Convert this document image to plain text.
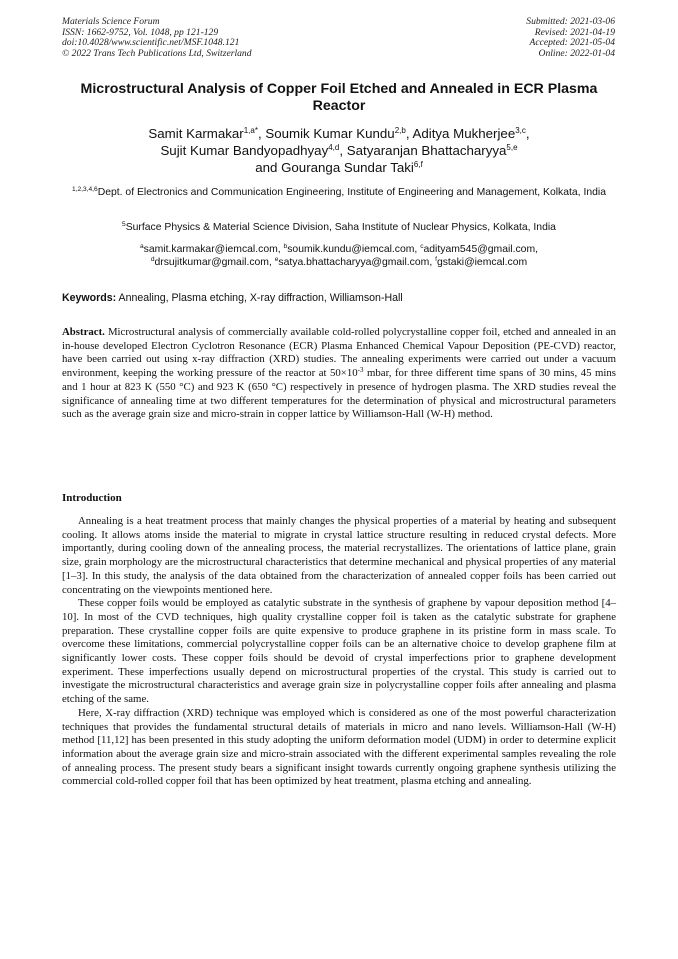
Materials Science Forum
ISSN: 1662-9752, Vol. 1048, pp 121-129
doi:10.4028/www.scientific.net/MSF.1048.121
© 2022 Trans Tech Publications Ltd, Switzerland
Submitted: 2021-03-06
Revised: 2021-04-19
Accepted: 2021-05-04
Online: 2022-01-04
Microstructural Analysis of Copper Foil Etched and Annealed in ECR Plasma Reactor
Samit Karmakar$^{1,a*}$, Soumik Kumar Kundu$^{2,b}$, Aditya Mukherjee$^{3,c}$,
Sujit Kumar Bandyopadhyay$^{4,d}$, Satyaranjan Bhattacharyya$^{5,e}$
and Gouranga Sundar Taki$^{6,f}$
$^{1,2,3,4,6}$Dept. of Electronics and Communication Engineering, Institute of Engineering and Management, Kolkata, India
$^5$Surface Physics & Material Science Division, Saha Institute of Nuclear Physics, Kolkata, India
$^a$samit.karmakar@iemcal.com, $^b$soumik.kundu@iemcal.com, $^c$adityam545@gmail.com,
$^d$drsujitkumar@gmail.com, $^e$satya.bhattacharyya@gmail.com, $^f$gstaki@iemcal.com
Keywords: Annealing, Plasma etching, X-ray diffraction, Williamson-Hall
Abstract. Microstructural analysis of commercially available cold-rolled polycrystalline copper foil, etched and annealed in an in-house developed Electron Cyclotron Resonance (ECR) Plasma Enhanced Chemical Vapour Deposition (PE-CVD) reactor, have been carried out using x-ray diffraction (XRD) studies. The annealing experiments were carried out under a vacuum environment, keeping the working pressure of the reactor at $50\times 10^{-3}$ mbar, for three different time spans of 30 mins, 45 mins and 1 hour at 823 K (550 °C) and 923 K (650 °C) respectively in presence of hydrogen plasma. The XRD studies reveal the significance of annealing time at two different temperatures for the determination of physical and microstructural parameters such as the average grain size and micro-strain in copper lattice by Williamson-Hall (W-H) method.
Introduction

Annealing is a heat treatment process that mainly changes the physical properties of a material by heating and subsequent cooling. It allows atoms inside the material to migrate in crystal lattice structure resulting in reduced crystal defects. More importantly, during cooling down of the annealing process, the material recrystallizes. The orientations of lattice plane, grain size, grain morphology are the microstructural characteristics that determine mechanical and physical properties of any material [1–3]. In this study, the analysis of the data obtained from the characterization of annealed copper foils has been carried out concentrating on the viewpoints mentioned here.

These copper foils would be employed as catalytic substrate in the synthesis of graphene by vapour deposition method [4–10]. In most of the CVD techniques, high quality crystalline copper foil is taken as the catalytic substrate for graphene preparation. These crystalline copper foils are quite expensive to produce graphene in its pristine form in mass scale. To overcome these limitations, commercial polycrystalline copper foils can be an alternative choice to develop graphene film at significantly lower costs. These copper foils should be devoid of crystal imperfections prior to graphene development experiment. These imperfections usually depend on microstructural properties of the crystal. This study is carried out to investigate the microstructural characteristics and average grain size in polycrystalline copper foils after annealing and plasma etching of the same.

Here, X-ray diffraction (XRD) technique was employed which is considered as one of the most powerful characterization techniques that provides the fundamental structural details of materials in micro and nano levels. Williamson-Hall (W-H) method [11,12] has been presented in this study adopting the uniform deformation model (UDM) in order to determine explicit information about the average grain size and micro-strain associated with the different experimental samples revealing the role of annealing process. The present study bears a significant insight towards currently ongoing graphene synthesis utilizing the commercial cold-rolled copper foil that has been optimized by heat treatment, plasma etching and annealing.
